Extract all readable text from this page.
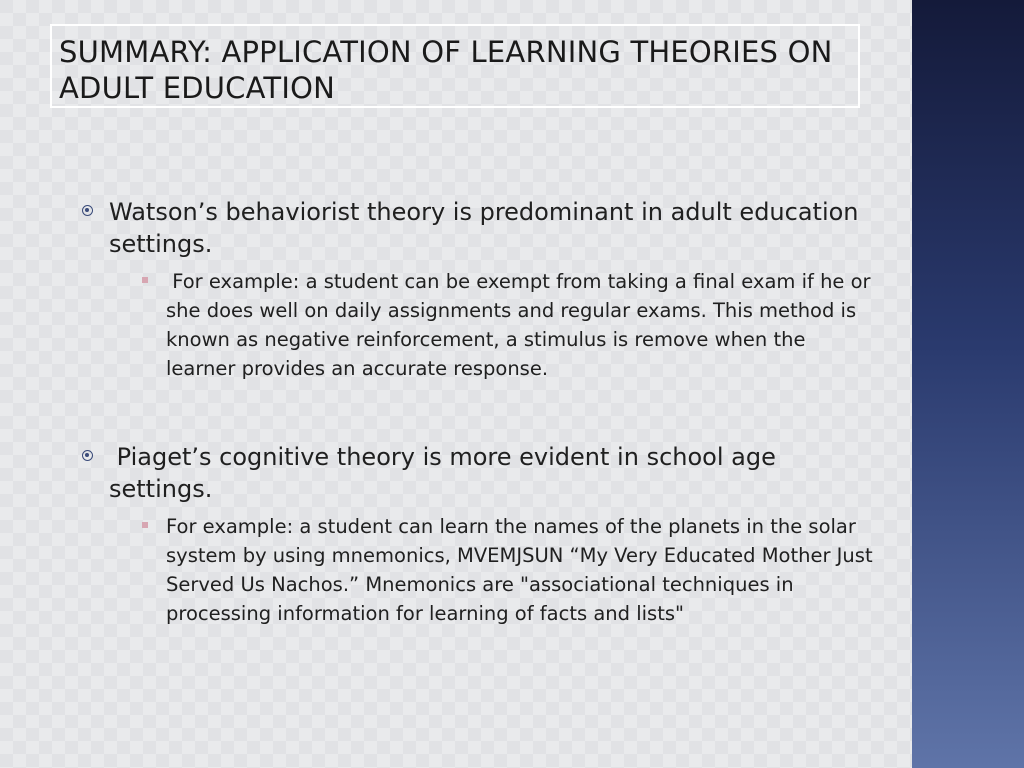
SUMMARY: APPLICATION OF LEARNING THEORIES ON ADULT EDUCATION
Watson’s behaviorist theory is predominant in adult education settings.
For example: a student can be exempt from taking a final exam if he or she does well on daily assignments and regular exams. This method is known as negative reinforcement, a stimulus is remove when the learner provides an accurate response.
Piaget’s cognitive theory is more evident in school age settings.
For example: a student can learn the names of the planets in the solar system by using mnemonics, MVEMJSUN “My Very Educated Mother Just Served Us Nachos.” Mnemonics are "associational techniques in processing information for learning of facts and lists"
